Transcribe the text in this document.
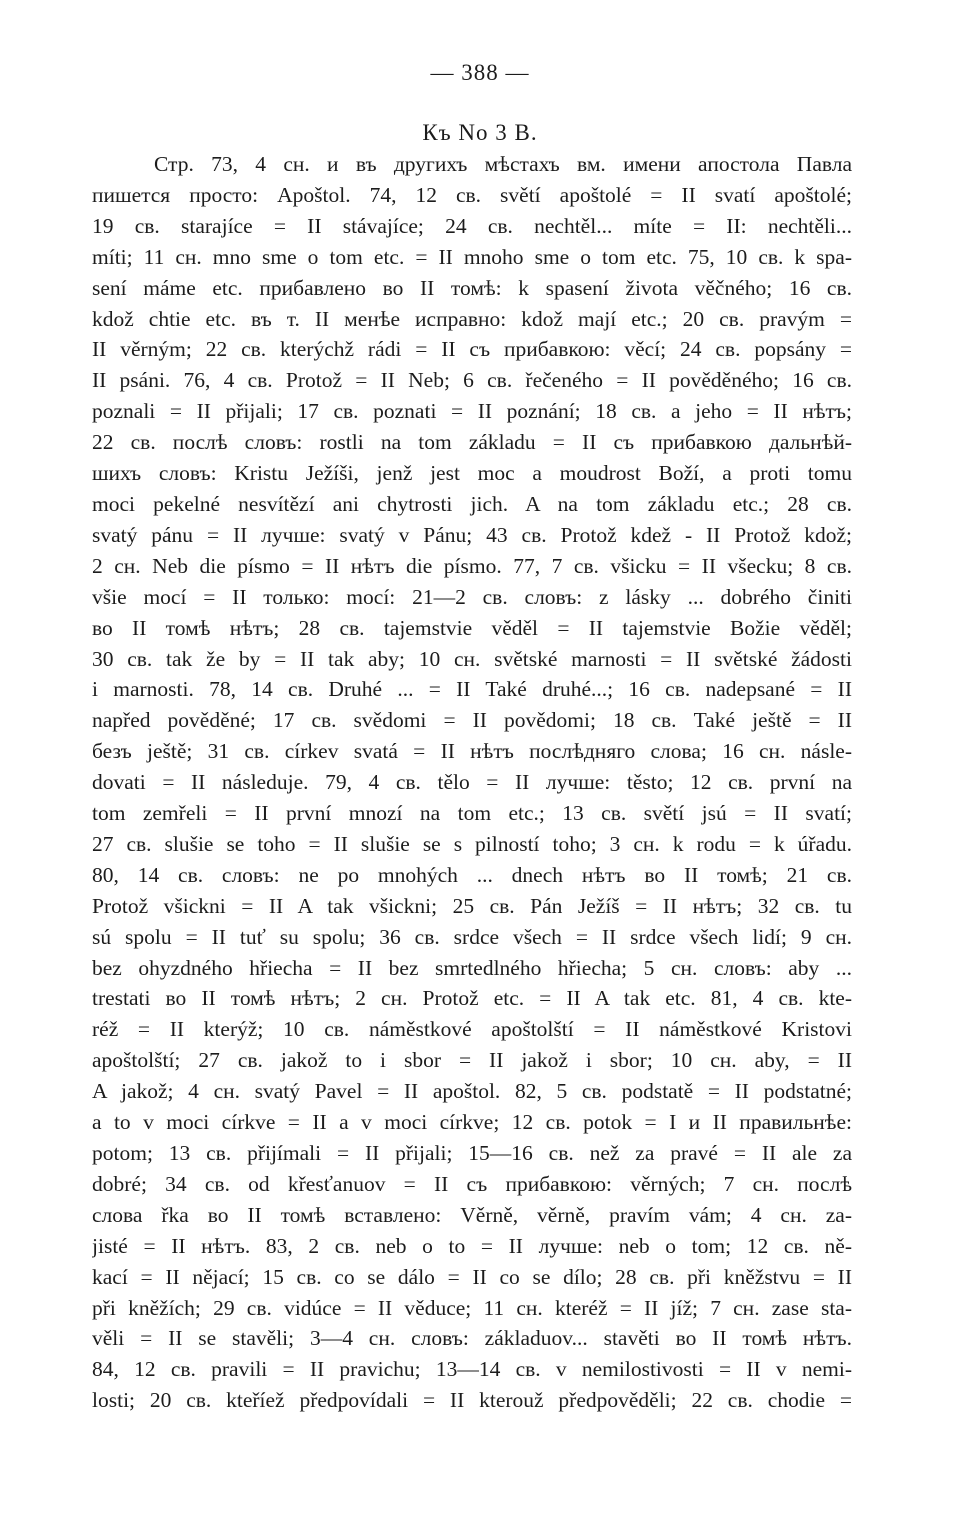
— 388 —
Къ No 3 B.
Стр. 73, 4 сн. и въ другихъ мѣстахъ вм. имени апостола Павла
пишется просто: Apoštol. 74, 12 св. světí apoštolé = II svatí apoštolé;
19 св. starajíce = II stávajíce; 24 св. nechtěl... míte = II: nechtěli...
míti; 11 сн. mno sme o tom etc. = II mnoho sme o tom etc. 75, 10 св. k spa-
sení máme etc. прибавлено во II томѣ: k spasení života věčného; 16 св.
kdož chtie etc. въ т. II менѣе исправно: kdož mají etc.; 20 св. pravým =
II věrným; 22 св. kterýchž rádi = II съ прибавкою: věcí; 24 св. popsány =
II psáni. 76, 4 св. Protož = II Neb; 6 св. řečeného = II pověděného; 16 св.
poznali = II přijali; 17 св. poznati = II poznání; 18 св. a jeho = II нѣтъ;
22 св. послѣ словъ: rostli na tom základu = II съ прибавкою дальнѣй-
шихъ словъ: Kristu Ježíši, jenž jest moc a moudrost Boží, a proti tomu
moci pekelné nesvítězí ani chytrosti jich. A na tom základu etc.; 28 св.
svatý pánu = II лучше: svatý v Pánu; 43 св. Protož kdež - II Protož kdož;
2 сн. Neb die písmo = II нѣтъ die písmo. 77, 7 св. všicku = II všecku; 8 св.
všie mocí = II только: mocí: 21—2 св. словъ: z lásky ... dobrého činiti
во II томѣ нѣтъ; 28 св. tajemstvie věděl = II tajemstvie Božie věděl;
30 св. tak že by = II tak aby; 10 сн. světské marnosti = II světské žádosti
i marnosti. 78, 14 св. Druhé ... = II Také druhé...; 16 св. nadepsané = II
napřed pověděné; 17 св. svědomi = II povědomi; 18 св. Také ještě = II
безъ ještě; 31 св. církev svatá = II нѣтъ послѣдняго слова; 16 сн. násle-
dovati = II následuje. 79, 4 св. tělo = II лучше: těsto; 12 св. první na
tom zemřeli = II první mnozí na tom etc.; 13 св. světí jsú = II svatí;
27 св. slušie se toho = II slušie se s pilností toho; 3 сн. k rodu = k úřadu.
80, 14 св. словъ: ne po mnohých ... dnech нѣтъ во II томѣ; 21 св.
Protož všickni = II A tak všickni; 25 св. Pán Ježíš = II нѣтъ; 32 св. tu
sú spolu = II tuť su spolu; 36 св. srdce všech = II srdce všech lidí; 9 сн.
bez ohyzdného hřiecha = II bez smrtedlného hřiecha; 5 сн. словъ: aby ...
trestati во II томѣ нѣтъ; 2 сн. Protož etc. = II A tak etc. 81, 4 св. kte-
réž = II kterýž; 10 св. náměstkové apoštolští = II náměstkové Kristovi
apoštolští; 27 св. jakož to i sbor = II jakož i sbor; 10 сн. aby, = II
A jakož; 4 сн. svatý Pavel = II apoštol. 82, 5 св. podstatě = II podstatné;
a to v moci církve = II a v moci církve; 12 св. potok = I и II правильнѣе:
potom; 13 св. přijímali = II přijali; 15—16 св. než za pravé = II ale za
dobré; 34 св. od křesťanuov = II съ прибавкою: věrných; 7 сн. послѣ
слова řka во II томѣ вставлено: Věrně, věrně, pravím vám; 4 сн. za-
jisté = II нѣтъ. 83, 2 св. neb o to = II лучше: neb o tom; 12 св. ně-
kací = II nějací; 15 св. co se dálo = II co se dílo; 28 св. při kněžstvu = II
při kněžích; 29 св. vidúce = II věduce; 11 сн. kteréž = II jíž; 7 сн. zase sta-
věli = II se stavěli; 3—4 сн. словъ: základuov... stavěti во II томѣ нѣтъ.
84, 12 св. pravili = II pravichu; 13—14 св. v nemilostivosti = II v nemi-
losti; 20 св. kteříež předpovídali = II kterouž předpověděli; 22 св. chodie =
